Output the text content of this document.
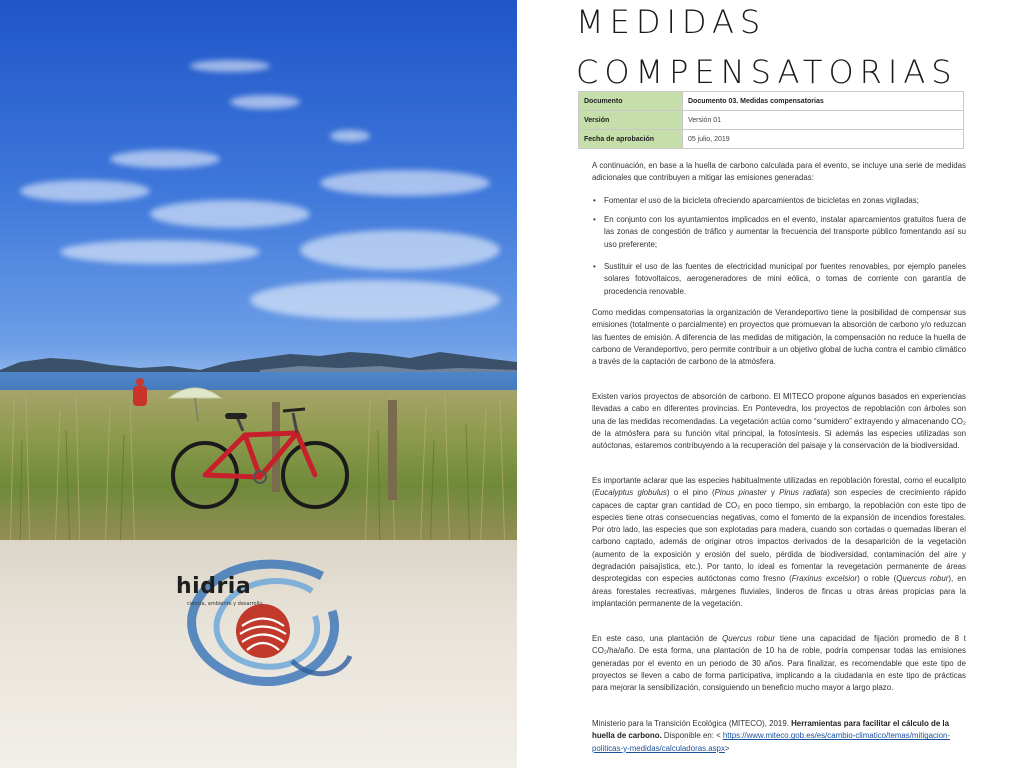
hidria
ciencia, ambiente y desarrollo
MEDIDAS
COMPENSATORIAS
Documento	Documento 03. Medidas compensatorias
Versión	Versión 01
Fecha de aprobación	05 julio, 2019
A continuación, en base a la huella de carbono calculada para el evento, se incluye una serie de medidas adicionales que contribuyen a mitigar las emisiones generadas:
• Fomentar el uso de la bicicleta ofreciendo aparcamientos de bicicletas en zonas vigiladas;
• En conjunto con los ayuntamientos implicados en el evento, instalar aparcamientos gratuitos fuera de las zonas de congestión de tráfico y aumentar la frecuencia del transporte público fomentando así su uso preferente;
• Sustituir el uso de las fuentes de electricidad municipal por fuentes renovables, por ejemplo paneles solares fotovoltaicos, aerogeneradores de mini eólica, o tomas de corriente con garantía de procedencia renovable.
Como medidas compensatorias la organización de Verandeportivo tiene la posibilidad de compensar sus emisiones (totalmente o parcialmente) en proyectos que promuevan la absorción de carbono y/o reduzcan las fuentes de emisión. A diferencia de las medidas de mitigación, la compensación no reduce la huella de carbono de Verandeportivo, pero permite contribuir a un objetivo global de lucha contra el cambio climático a través de la captación de carbono de la atmósfera.
Existen varios proyectos de absorción de carbono. El MITECO propone algunos basados en experiencias llevadas a cabo en diferentes provincias. En Pontevedra, los proyectos de repoblación con árboles son una de las medidas recomendadas. La vegetación actúa como “sumidero” extrayendo y almacenando CO₂ de la atmósfera para su función vital principal, la fotosíntesis. Si además las especies utilizadas son autóctonas, estaremos contribuyendo a la recuperación del paisaje y la conservación de la biodiversidad.
Es importante aclarar que las especies habitualmente utilizadas en repoblación forestal, como el eucalipto (Eucalyptus globulus) o el pino (Pinus pinaster y Pinus radiata) son especies de crecimiento rápido capaces de captar gran cantidad de CO₂ en poco tiempo, sin embargo, la repoblación con este tipo de especies tiene otras consecuencias negativas, como el fomento de la expansión de incendios forestales. Por otro lado, las especies que son explotadas para madera, cuando son cortadas o quemadas liberan el carbono captado, además de originar otros impactos derivados de la desaparición de la vegetación (aumento de la exposición y erosión del suelo, pérdida de biodiversidad, contaminación del aire y degradación paisajística, etc.). Por tanto, lo ideal es fomentar la revegetación permanente de áreas desprotegidas con especies autóctonas como fresno (Fraxinus excelsior) o roble (Quercus robur), en áreas forestales recreativas, márgenes fluviales, linderos de fincas u otras áreas propicias para la implantación permanente de la vegetación.
En este caso, una plantación de Quercus robur tiene una capacidad de fijación promedio de 8 t CO₂/ha/año. De esta forma, una plantación de 10 ha de roble, podría compensar todas las emisiones generadas por el evento en un periodo de 30 años. Para finalizar, es recomendable que este tipo de proyectos se lleven a cabo de forma participativa, implicando a la ciudadanía en este tipo de prácticas para mejorar la sensibilización, consiguiendo un beneficio mucho mayor a largo plazo.
Ministerio para la Transición Ecológica (MITECO), 2019. Herramientas para facilitar el cálculo de la huella de carbono. Disponible en: < https://www.miteco.gob.es/es/cambio-climatico/temas/mitigacion-politicas-y-medidas/calculadoras.aspx>
